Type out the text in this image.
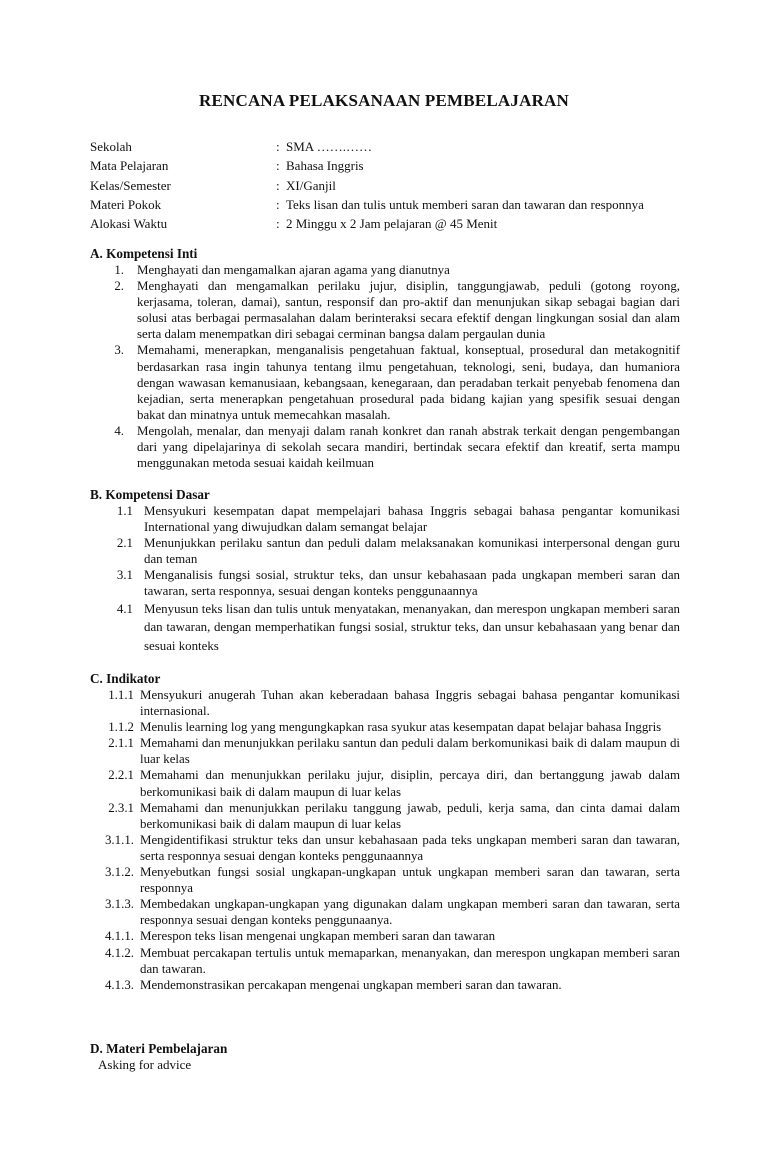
RENCANA PELAKSANAAN PEMBELAJARAN
Sekolah	: SMA …….……
Mata Pelajaran	: Bahasa Inggris
Kelas/Semester	: XI/Ganjil
Materi Pokok	: Teks lisan dan tulis untuk memberi saran dan tawaran dan responnya
Alokasi Waktu	: 2 Minggu x 2 Jam pelajaran @ 45 Menit
A. Kompetensi Inti
1. Menghayati dan mengamalkan ajaran agama yang dianutnya
2. Menghayati dan mengamalkan perilaku jujur, disiplin, tanggungjawab, peduli (gotong royong, kerjasama, toleran, damai), santun, responsif dan pro-aktif dan menunjukan sikap sebagai bagian dari solusi atas berbagai permasalahan dalam berinteraksi secara efektif dengan lingkungan sosial dan alam serta dalam menempatkan diri sebagai cerminan bangsa dalam pergaulan dunia
3. Memahami, menerapkan, menganalisis pengetahuan faktual, konseptual, prosedural dan metakognitif berdasarkan rasa ingin tahunya tentang ilmu pengetahuan, teknologi, seni, budaya, dan humaniora dengan wawasan kemanusiaan, kebangsaan, kenegaraan, dan peradaban terkait penyebab fenomena dan kejadian, serta menerapkan pengetahuan prosedural pada bidang kajian yang spesifik sesuai dengan bakat dan minatnya untuk memecahkan masalah.
4. Mengolah, menalar, dan menyaji dalam ranah konkret dan ranah abstrak terkait dengan pengembangan dari yang dipelajarinya di sekolah secara mandiri, bertindak secara efektif dan kreatif, serta mampu menggunakan metoda sesuai kaidah keilmuan
B. Kompetensi Dasar
1.1 Mensyukuri kesempatan dapat mempelajari bahasa Inggris sebagai bahasa pengantar komunikasi International yang diwujudkan dalam semangat belajar
2.1 Menunjukkan perilaku santun dan peduli dalam melaksanakan komunikasi interpersonal dengan guru dan teman
3.1 Menganalisis fungsi sosial, struktur teks, dan unsur kebahasaan pada ungkapan memberi saran dan tawaran, serta responnya, sesuai dengan konteks penggunaannya
4.1 Menyusun teks lisan dan tulis untuk menyatakan, menanyakan, dan merespon ungkapan memberi saran dan tawaran, dengan memperhatikan fungsi sosial, struktur teks, dan unsur kebahasaan yang benar dan sesuai konteks
C. Indikator
1.1.1 Mensyukuri anugerah Tuhan akan keberadaan bahasa Inggris sebagai bahasa pengantar komunikasi internasional.
1.1.2 Menulis learning log yang mengungkapkan rasa syukur atas kesempatan dapat belajar bahasa Inggris
2.1.1 Memahami dan menunjukkan perilaku santun dan peduli dalam berkomunikasi baik di dalam maupun di luar kelas
2.2.1 Memahami dan menunjukkan perilaku jujur, disiplin, percaya diri, dan bertanggung jawab dalam berkomunikasi baik di dalam maupun di luar kelas
2.3.1 Memahami dan menunjukkan perilaku tanggung jawab, peduli, kerja sama, dan cinta damai dalam berkomunikasi baik di dalam maupun di luar kelas
3.1.1. Mengidentifikasi struktur teks dan unsur kebahasaan pada teks ungkapan memberi saran dan tawaran, serta responnya sesuai dengan konteks penggunaannya
3.1.2. Menyebutkan fungsi sosial ungkapan-ungkapan untuk ungkapan memberi saran dan tawaran, serta responnya
3.1.3. Membedakan ungkapan-ungkapan yang digunakan dalam ungkapan memberi saran dan tawaran, serta responnya sesuai dengan konteks penggunaanya.
4.1.1. Merespon teks lisan mengenai ungkapan memberi saran dan tawaran
4.1.2. Membuat percakapan tertulis untuk memaparkan, menanyakan, dan merespon ungkapan memberi saran dan tawaran.
4.1.3. Mendemonstrasikan percakapan mengenai ungkapan memberi saran dan tawaran.
D. Materi Pembelajaran
Asking for advice
